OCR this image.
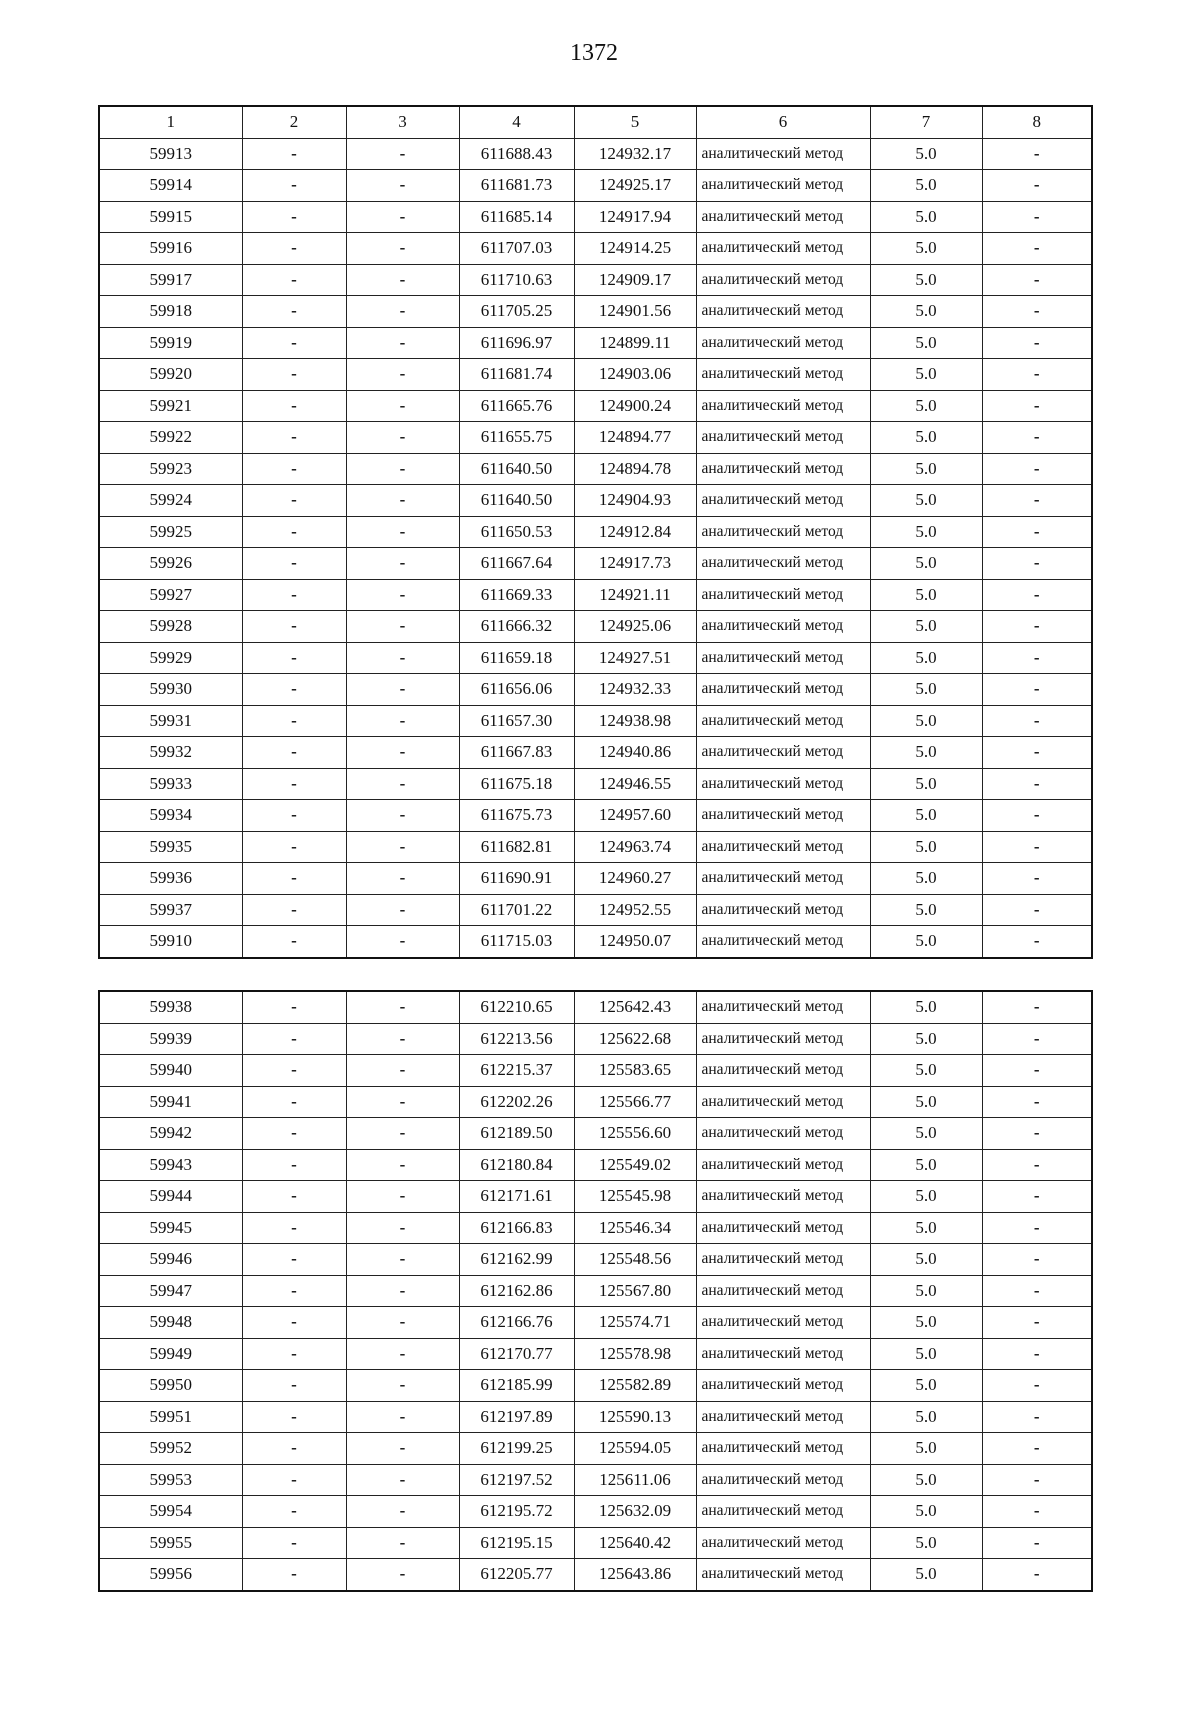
1372
1	2	3	4	5	6	7	8
59913	-	-	611688.43	124932.17	аналитический метод	5.0	-
59914	-	-	611681.73	124925.17	аналитический метод	5.0	-
59915	-	-	611685.14	124917.94	аналитический метод	5.0	-
59916	-	-	611707.03	124914.25	аналитический метод	5.0	-
59917	-	-	611710.63	124909.17	аналитический метод	5.0	-
59918	-	-	611705.25	124901.56	аналитический метод	5.0	-
59919	-	-	611696.97	124899.11	аналитический метод	5.0	-
59920	-	-	611681.74	124903.06	аналитический метод	5.0	-
59921	-	-	611665.76	124900.24	аналитический метод	5.0	-
59922	-	-	611655.75	124894.77	аналитический метод	5.0	-
59923	-	-	611640.50	124894.78	аналитический метод	5.0	-
59924	-	-	611640.50	124904.93	аналитический метод	5.0	-
59925	-	-	611650.53	124912.84	аналитический метод	5.0	-
59926	-	-	611667.64	124917.73	аналитический метод	5.0	-
59927	-	-	611669.33	124921.11	аналитический метод	5.0	-
59928	-	-	611666.32	124925.06	аналитический метод	5.0	-
59929	-	-	611659.18	124927.51	аналитический метод	5.0	-
59930	-	-	611656.06	124932.33	аналитический метод	5.0	-
59931	-	-	611657.30	124938.98	аналитический метод	5.0	-
59932	-	-	611667.83	124940.86	аналитический метод	5.0	-
59933	-	-	611675.18	124946.55	аналитический метод	5.0	-
59934	-	-	611675.73	124957.60	аналитический метод	5.0	-
59935	-	-	611682.81	124963.74	аналитический метод	5.0	-
59936	-	-	611690.91	124960.27	аналитический метод	5.0	-
59937	-	-	611701.22	124952.55	аналитический метод	5.0	-
59910	-	-	611715.03	124950.07	аналитический метод	5.0	-
59938	-	-	612210.65	125642.43	аналитический метод	5.0	-
59939	-	-	612213.56	125622.68	аналитический метод	5.0	-
59940	-	-	612215.37	125583.65	аналитический метод	5.0	-
59941	-	-	612202.26	125566.77	аналитический метод	5.0	-
59942	-	-	612189.50	125556.60	аналитический метод	5.0	-
59943	-	-	612180.84	125549.02	аналитический метод	5.0	-
59944	-	-	612171.61	125545.98	аналитический метод	5.0	-
59945	-	-	612166.83	125546.34	аналитический метод	5.0	-
59946	-	-	612162.99	125548.56	аналитический метод	5.0	-
59947	-	-	612162.86	125567.80	аналитический метод	5.0	-
59948	-	-	612166.76	125574.71	аналитический метод	5.0	-
59949	-	-	612170.77	125578.98	аналитический метод	5.0	-
59950	-	-	612185.99	125582.89	аналитический метод	5.0	-
59951	-	-	612197.89	125590.13	аналитический метод	5.0	-
59952	-	-	612199.25	125594.05	аналитический метод	5.0	-
59953	-	-	612197.52	125611.06	аналитический метод	5.0	-
59954	-	-	612195.72	125632.09	аналитический метод	5.0	-
59955	-	-	612195.15	125640.42	аналитический метод	5.0	-
59956	-	-	612205.77	125643.86	аналитический метод	5.0	-
